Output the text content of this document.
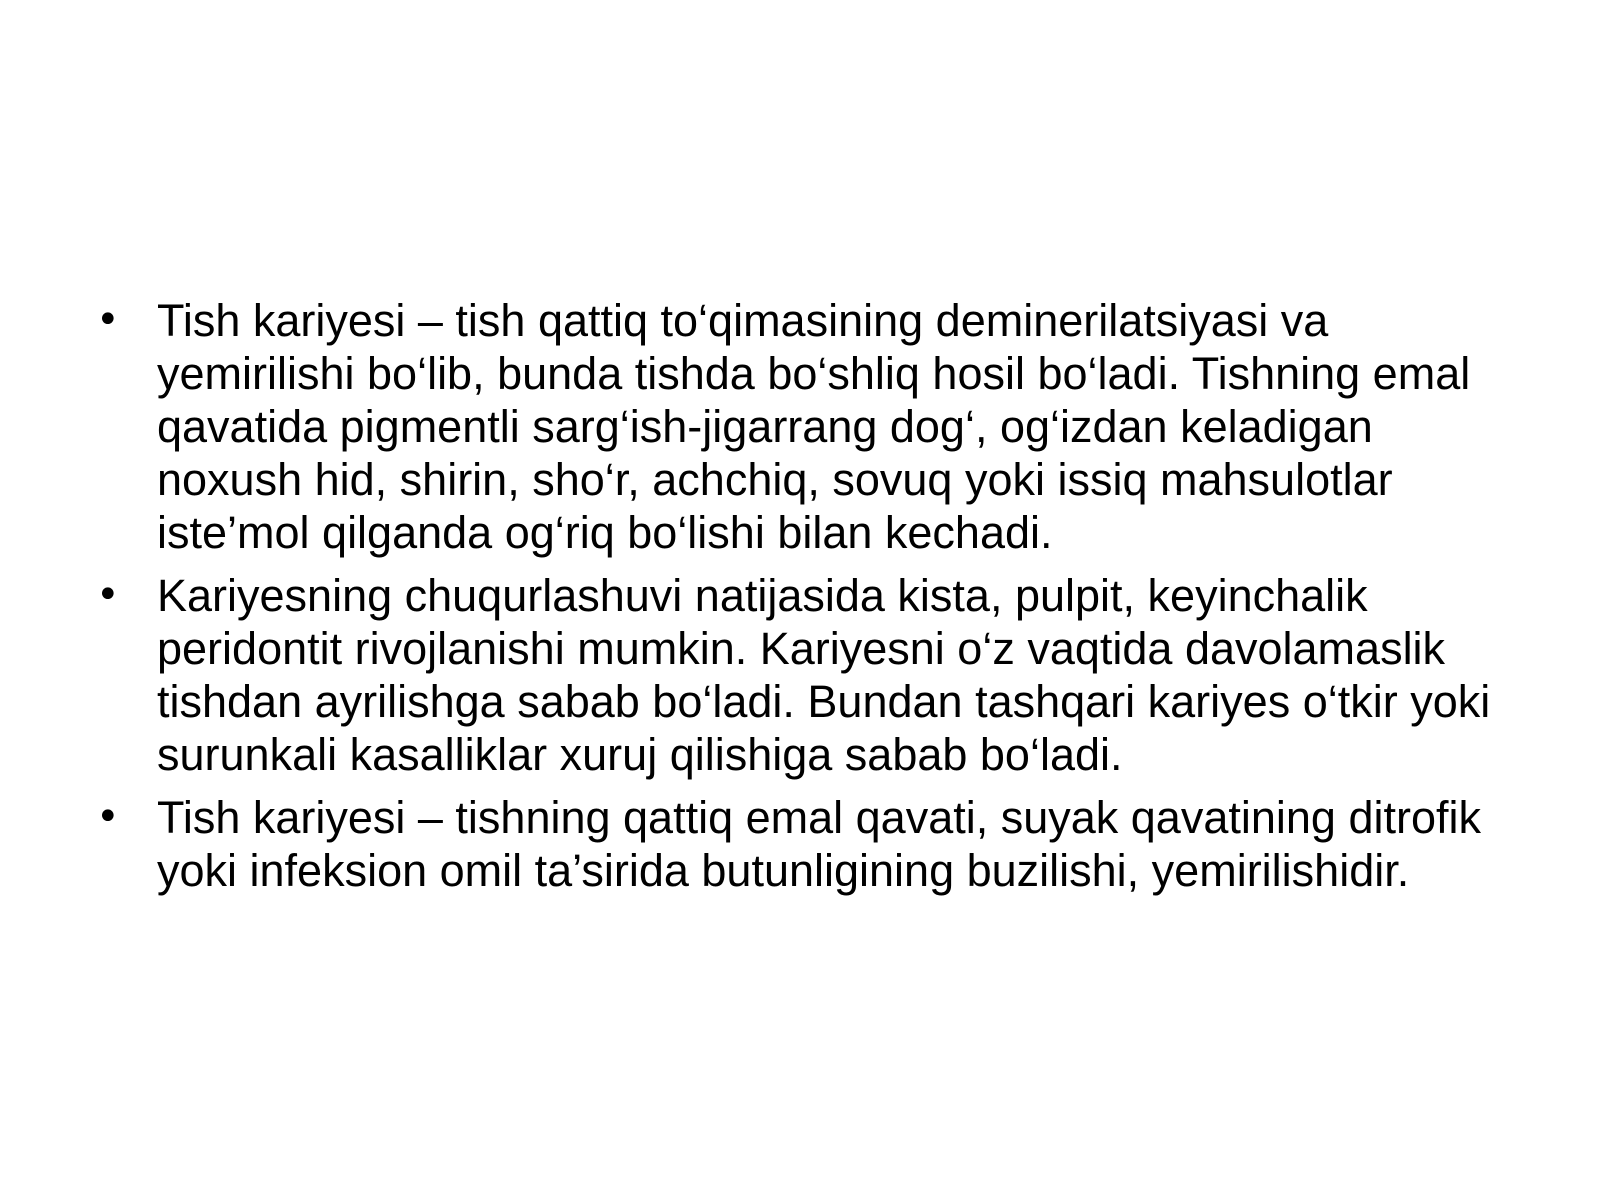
• Tish kariyesi – tish qattiq to‘qimasining deminerilatsiyasi va yemirilishi bo‘lib, bunda tishda bo‘shliq hosil bo‘ladi. Tishning emal qavatida pigmentli sarg‘ish-jigarrang dog‘, og‘izdan keladigan noxush hid, shirin, sho‘r, achchiq, sovuq yoki issiq mahsulotlar iste’mol qilganda og‘riq bo‘lishi bilan kechadi.
• Kariyesning chuqurlashuvi natijasida kista, pulpit, keyinchalik peridontit rivojlanishi mumkin. Kariyesni o‘z vaqtida davolamaslik tishdan ayrilishga sabab bo‘ladi. Bundan tashqari kariyes o‘tkir yoki surunkali kasalliklar xuruj qilishiga sabab bo‘ladi.
• Tish kariyesi – tishning qattiq emal qavati, suyak qavatining ditrofik yoki infeksion omil ta’sirida butunligining buzilishi, yemirilishidir.
